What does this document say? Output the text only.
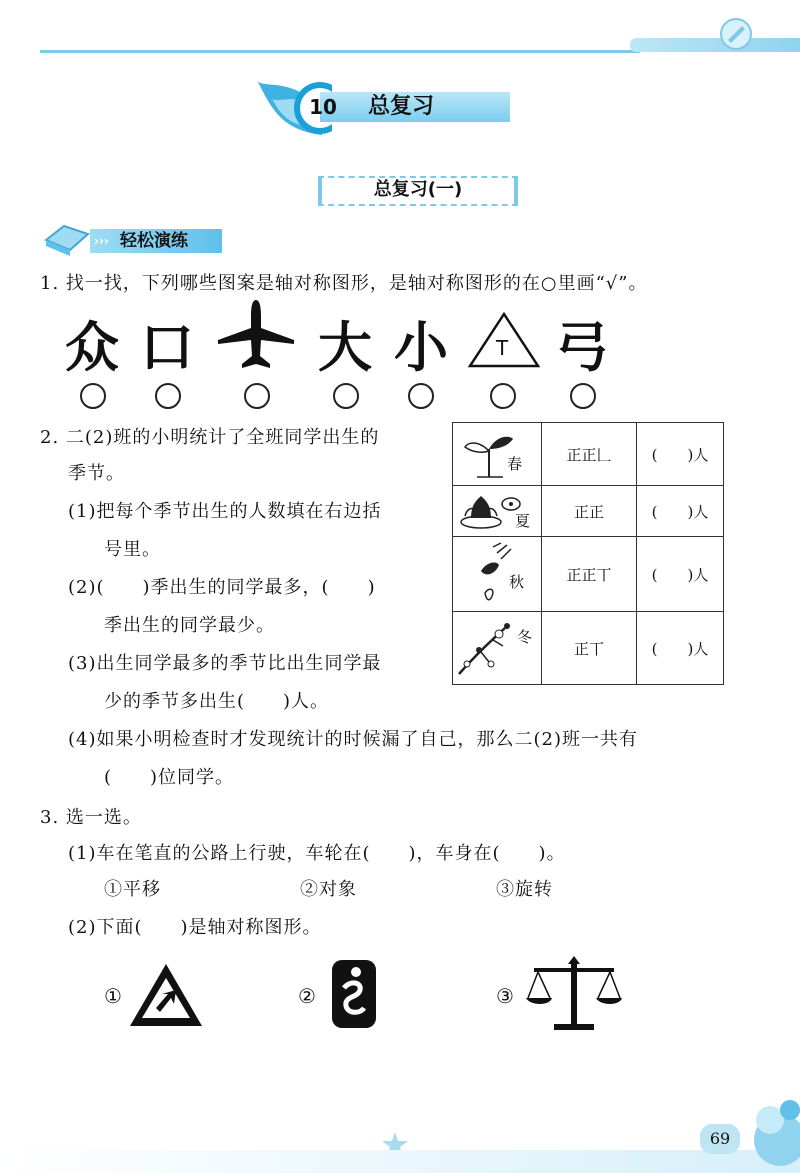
10	总复习
总复习(一)
››› 轻松演练
1. 找一找，下列哪些图案是轴对称图形，是轴对称图形的在○里画“√”。
众 口 大 小 T 弓
2. 二(2)班的小明统计了全班同学出生的
季节。
(1)把每个季节出生的人数填在右边括
号里。
(2)(　　)季出生的同学最多，(　　)
季出生的同学最少。
(3)出生同学最多的季节比出生同学最
少的季节多出生(　　)人。
(4)如果小明检查时才发现统计的时候漏了自己，那么二(2)班一共有
(　　)位同学。
春	正正𠃊	(　　)人

夏	正正	(　　)人

秋	正正丅	(　　)人

冬	正丅	(　　)人
3. 选一选。
(1)车在笔直的公路上行驶，车轮在(　　)，车身在(　　)。
①平移	②对象	③旋转
(2)下面(　　)是轴对称图形。
①	②	③
69
